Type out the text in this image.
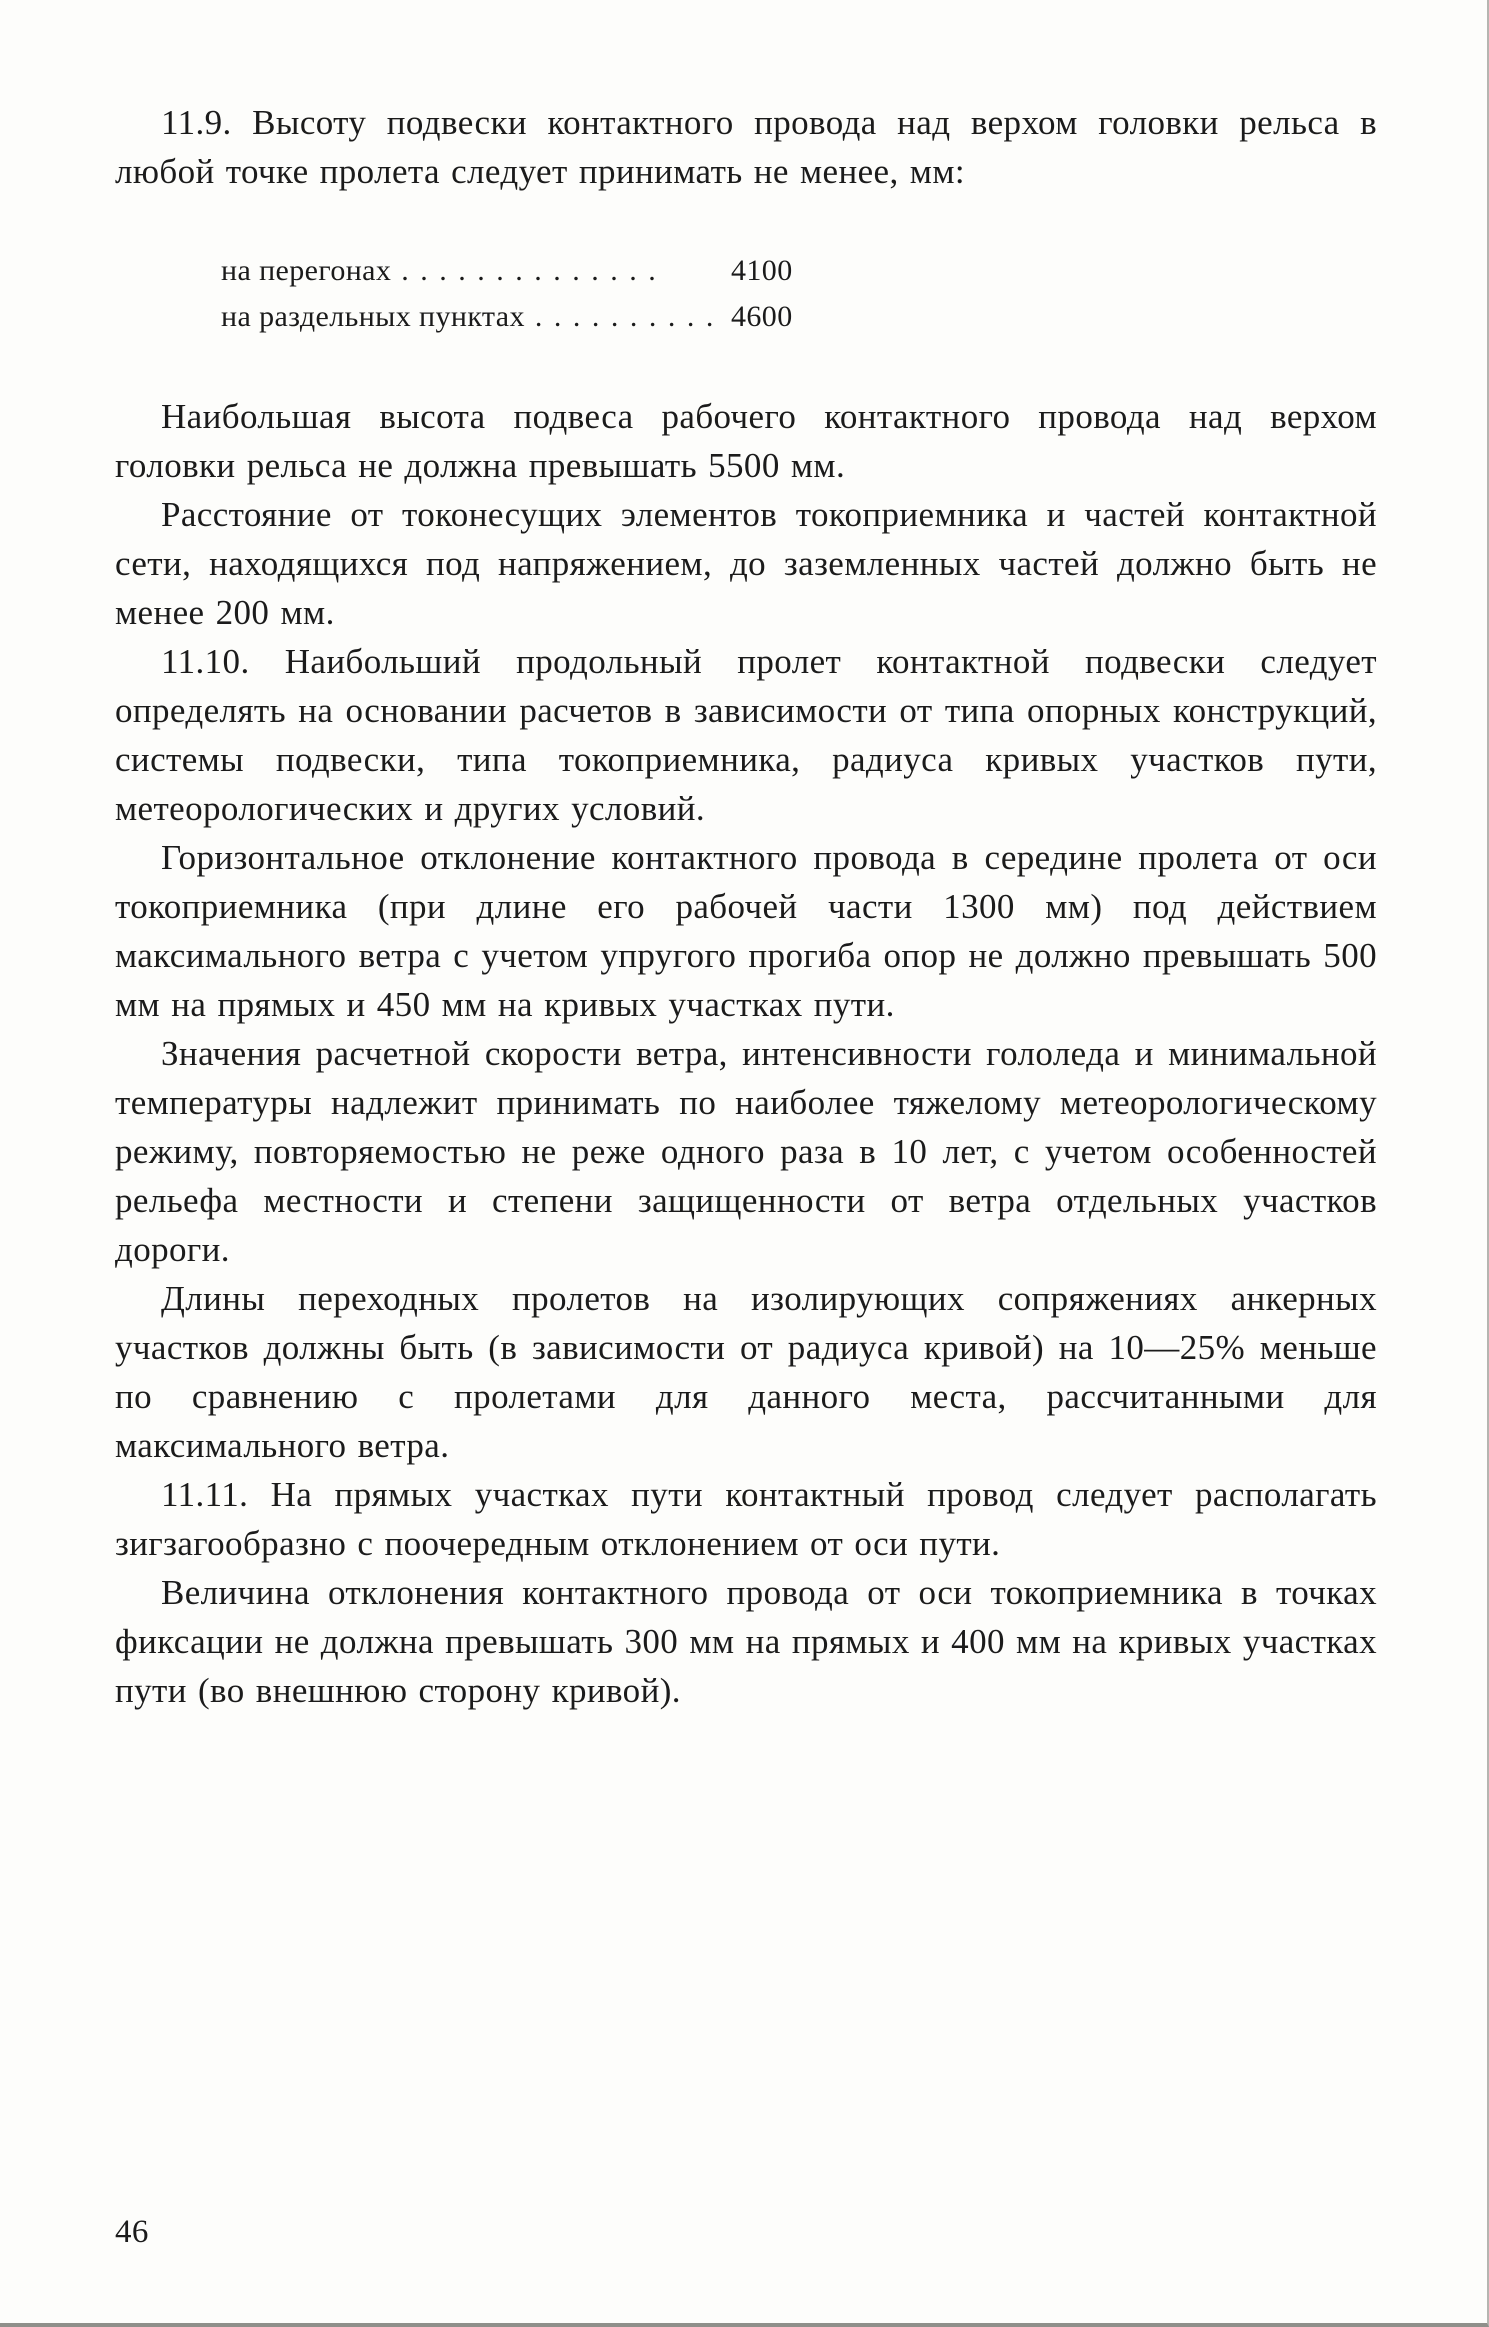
11.9. Высоту подвески контактного провода над верхом головки рельса в любой точке пролета следует принимать не менее, мм:

на перегонах . . . . . . . . . . . . . .	4100
на раздельных пунктах . . . . . . . . . . 4600

Наибольшая высота подвеса рабочего контактного провода над верхом головки рельса не должна превышать 5500 мм.

Расстояние от токонесущих элементов токоприемника и частей контактной сети, находящихся под напряжением, до заземленных частей должно быть не менее 200 мм.

11.10. Наибольший продольный пролет контактной подвески следует определять на основании расчетов в зависимости от типа опорных конструкций, системы подвески, типа токоприемника, радиуса кривых участков пути, метеорологических и других условий.

Горизонтальное отклонение контактного провода в середине пролета от оси токоприемника (при длине его рабочей части 1300 мм) под действием максимального ветра с учетом упругого прогиба опор не должно превышать 500 мм на прямых и 450 мм на кривых участках пути.

Значения расчетной скорости ветра, интенсивности гололеда и минимальной температуры надлежит принимать по наиболее тяжелому метеорологическому режиму, повторяемостью не реже одного раза в 10 лет, с учетом особенностей рельефа местности и степени защищенности от ветра отдельных участков дороги.

Длины переходных пролетов на изолирующих сопряжениях анкерных участков должны быть (в зависимости от радиуса кривой) на 10—25% меньше по сравнению с пролетами для данного места, рассчитанными для максимального ветра.

11.11. На прямых участках пути контактный провод следует располагать зигзагообразно с поочередным отклонением от оси пути.

Величина отклонения контактного провода от оси токоприемника в точках фиксации не должна превышать 300 мм на прямых и 400 мм на кривых участках пути (во внешнюю сторону кривой).

46
